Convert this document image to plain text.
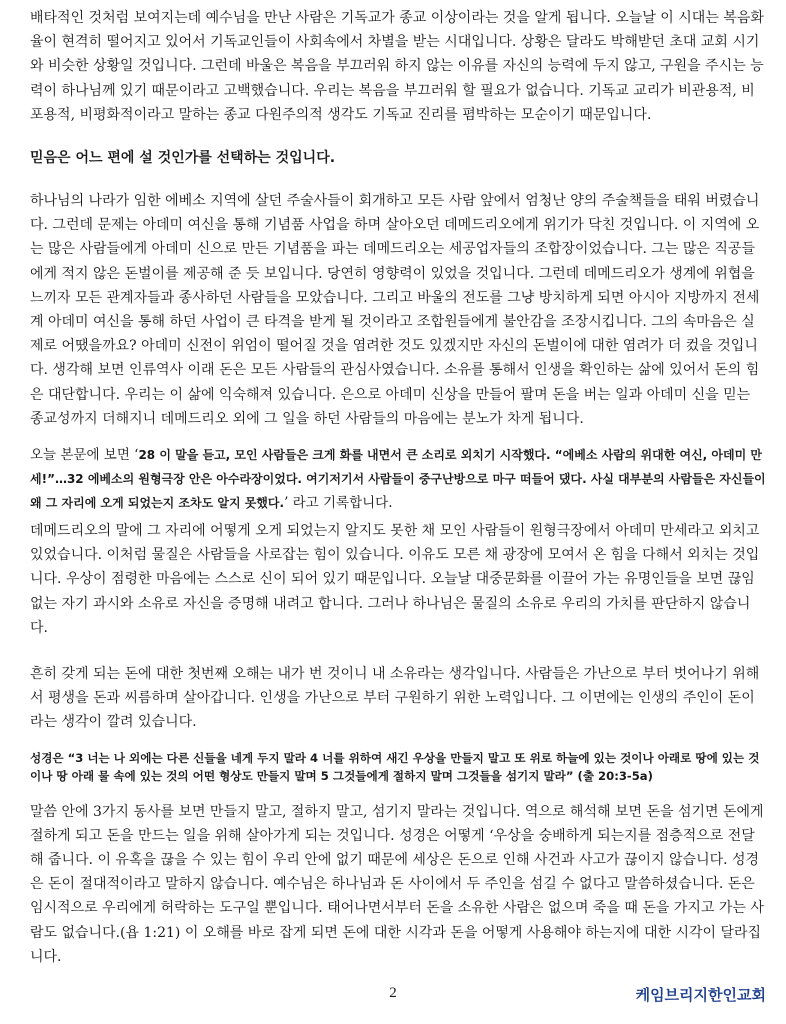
배타적인 것처럼 보여지는데 예수님을 만난 사람은 기독교가 종교 이상이라는 것을 알게 됩니다. 오늘날 이 시대는 복음화율이 현격히 떨어지고 있어서 기독교인들이 사회속에서 차별을 받는 시대입니다. 상황은 달라도 박해받던 초대 교회 시기와 비슷한 상황일 것입니다. 그런데 바울은 복음을 부끄러워 하지 않는 이유를 자신의 능력에 두지 않고, 구원을 주시는 능력이 하나님께 있기 때문이라고 고백했습니다. 우리는 복음을 부끄러워 할 필요가 없습니다. 기독교 교리가 비관용적, 비포용적, 비평화적이라고 말하는 종교 다원주의적 생각도 기독교 진리를 폄박하는 모순이기 때문입니다.

믿음은 어느 편에 설 것인가를 선택하는 것입니다.

하나님의 나라가 임한 에베소 지역에 살던 주술사들이 회개하고 모든 사람 앞에서 엄청난 양의 주술책들을 태워 버렸습니다. 그런데 문제는 아데미 여신을 통해 기념품 사업을 하며 살아오던 데메드리오에게 위기가 닥친 것입니다. 이 지역에 오는 많은 사람들에게 아데미 신으로 만든 기념품을 파는 데메드리오는 세공업자들의 조합장이었습니다. 그는 많은 직공들에게 적지 않은 돈벌이를 제공해 준 듯 보입니다. 당연히 영향력이 있었을 것입니다. 그런데 데메드리오가 생계에 위협을 느끼자 모든 관계자들과 종사하던 사람들을 모았습니다. 그리고 바울의 전도를 그냥 방치하게 되면 아시아 지방까지 전세계 아데미 여신을 통해 하던 사업이 큰 타격을 받게 될 것이라고 조합원들에게 불안감을 조장시킵니다. 그의 속마음은 실제로 어땠을까요? 아데미 신전이 위엄이 떨어질 것을 염려한 것도 있겠지만 자신의 돈벌이에 대한 염려가 더 컸을 것입니다. 생각해 보면 인류역사 이래 돈은 모든 사람들의 관심사였습니다. 소유를 통해서 인생을 확인하는 삶에 있어서 돈의 힘은 대단합니다. 우리는 이 삶에 익숙해져 있습니다. 은으로 아데미 신상을 만들어 팔며 돈을 버는 일과 아데미 신을 믿는 종교성까지 더해지니 데메드리오 외에 그 일을 하던 사람들의 마음에는 분노가 차게 됩니다.

오늘 본문에 보면 ‘28 이 말을 듣고, 모인 사람들은 크게 화를 내면서 큰 소리로 외치기 시작했다. “에베소 사람의 위대한 여신, 아데미 만세!”…32 에베소의 원형극장 안은 아수라장이었다. 여기저기서 사람들이 중구난방으로 마구 떠들어 댔다. 사실 대부분의 사람들은 자신들이 왜 그 자리에 오게 되었는지 조차도 알지 못했다.’ 라고 기록합니다.

데메드리오의 말에 그 자리에 어떻게 오게 되었는지 알지도 못한 채 모인 사람들이 원형극장에서 아데미 만세라고 외치고 있었습니다. 이처럼 물질은 사람들을 사로잡는 힘이 있습니다. 이유도 모른 채 광장에 모여서 온 힘을 다해서 외치는 것입니다. 우상이 점령한 마음에는 스스로 신이 되어 있기 때문입니다. 오늘날 대중문화를 이끌어 가는 유명인들을 보면 끊임없는 자기 과시와 소유로 자신을 증명해 내려고 합니다. 그러나 하나님은 물질의 소유로 우리의 가치를 판단하지 않습니다.

흔히 갖게 되는 돈에 대한 첫번째 오해는 내가 번 것이니 내 소유라는 생각입니다. 사람들은 가난으로 부터 벗어나기 위해서 평생을 돈과 씨름하며 살아갑니다. 인생을 가난으로 부터 구원하기 위한 노력입니다. 그 이면에는 인생의 주인이 돈이라는 생각이 깔려 있습니다.

성경은 “3 너는 나 외에는 다른 신들을 네게 두지 말라 4 너를 위하여 새긴 우상을 만들지 말고 또 위로 하늘에 있는 것이나 아래로 땅에 있는 것이나 땅 아래 물 속에 있는 것의 어떤 형상도 만들지 말며 5 그것들에게 절하지 말며 그것들을 섬기지 말라” (출 20:3-5a)

말씀 안에 3가지 동사를 보면 만들지 말고, 절하지 말고, 섬기지 말라는 것입니다. 역으로 해석해 보면 돈을 섬기면 돈에게 절하게 되고 돈을 만드는 일을 위해 살아가게 되는 것입니다. 성경은 어떻게 ‘우상을 숭배하게 되는지를 점층적으로 전달해 줍니다. 이 유혹을 끊을 수 있는 힘이 우리 안에 없기 때문에 세상은 돈으로 인해 사건과 사고가 끊이지 않습니다. 성경은 돈이 절대적이라고 말하지 않습니다. 예수님은 하나님과 돈 사이에서 두 주인을 섬길 수 없다고 말씀하셨습니다. 돈은 임시적으로 우리에게 허락하는 도구일 뿐입니다. 태어나면서부터 돈을 소유한 사람은 없으며 죽을 때 돈을 가지고 가는 사람도 없습니다.(욥 1:21) 이 오해를 바로 잡게 되면 돈에 대한 시각과 돈을 어떻게 사용해야 하는지에 대한 시각이 달라집니다.

2	케임브리지한인교회
